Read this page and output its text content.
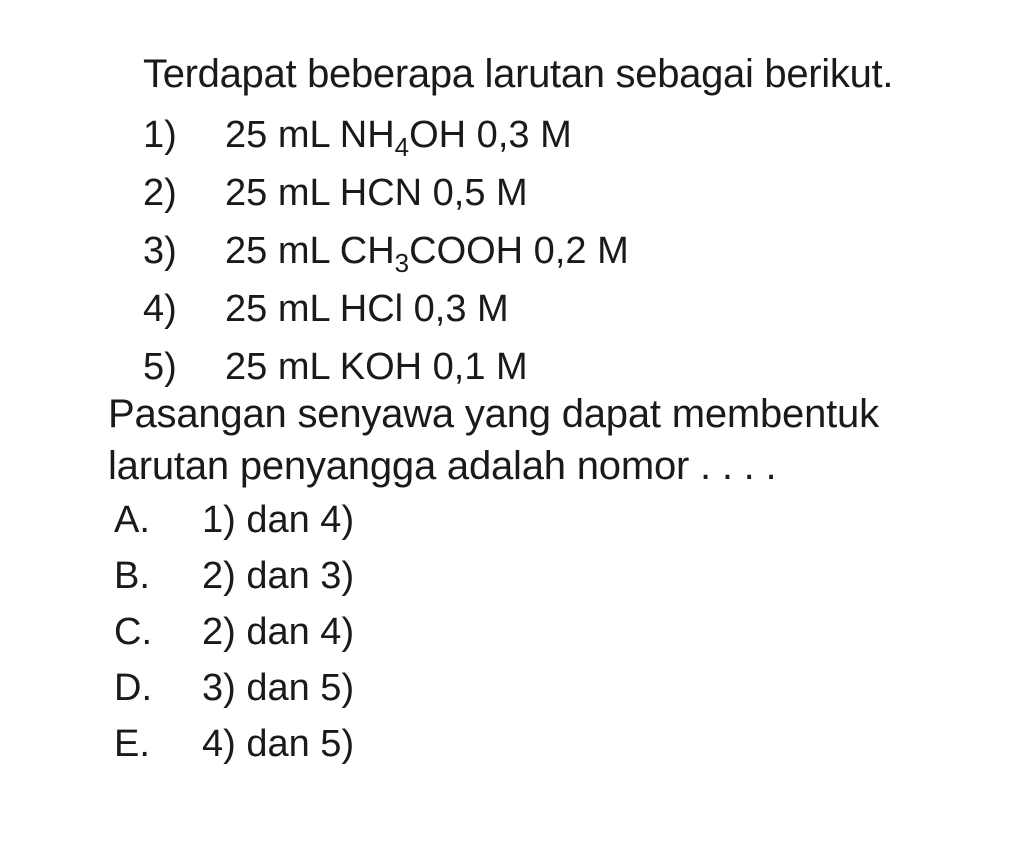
Terdapat beberapa larutan sebagai berikut.
1)	25 mL $NH_4OH$ 0,3 M
2)	25 mL HCN 0,5 M
3)	25 mL $CH_3COOH$ 0,2 M
4)	25 mL HCl 0,3 M
5)	25 mL KOH 0,1 M
Pasangan senyawa yang dapat membentuk larutan penyangga adalah nomor . . . .
A.	1) dan 4)
B.	2) dan 3)
C.	2) dan 4)
D.	3) dan 5)
E.	4) dan 5)
